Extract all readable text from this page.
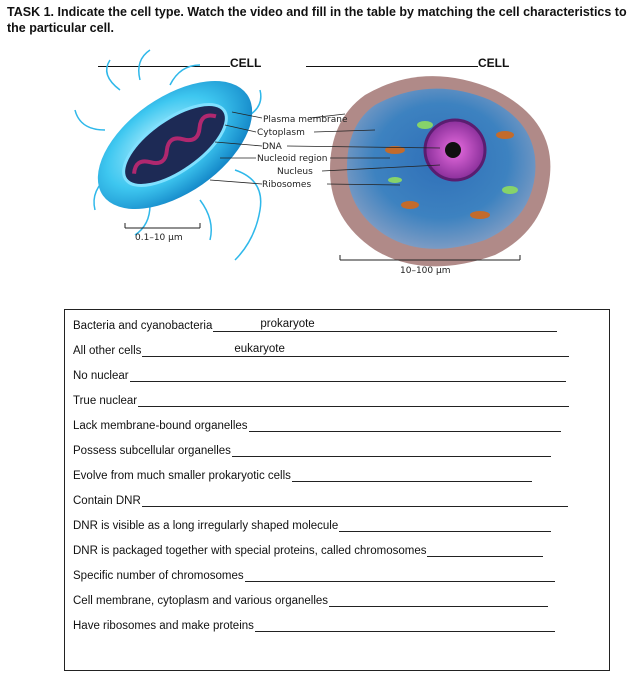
TASK 1. Indicate the cell type. Watch the video and fill in the table by matching the cell characteristics to the particular cell.
CELL	CELL
0.1–10 μm
10–100 μm
Plasma membrane
Cytoplasm
DNA
Nucleoid region
Nucleus
Ribosomes
Bacteria and cyanobacteria	prokaryote
All other cells	eukaryote
No nuclear
True nuclear
Lack membrane-bound organelles
Possess subcellular organelles
Evolve from much smaller prokaryotic cells
Contain DNR
DNR is visible as a long irregularly shaped molecule
DNR is packaged together with special proteins, called chromosomes
Specific number of chromosomes
Cell membrane, cytoplasm and various organelles
Have ribosomes and make proteins
